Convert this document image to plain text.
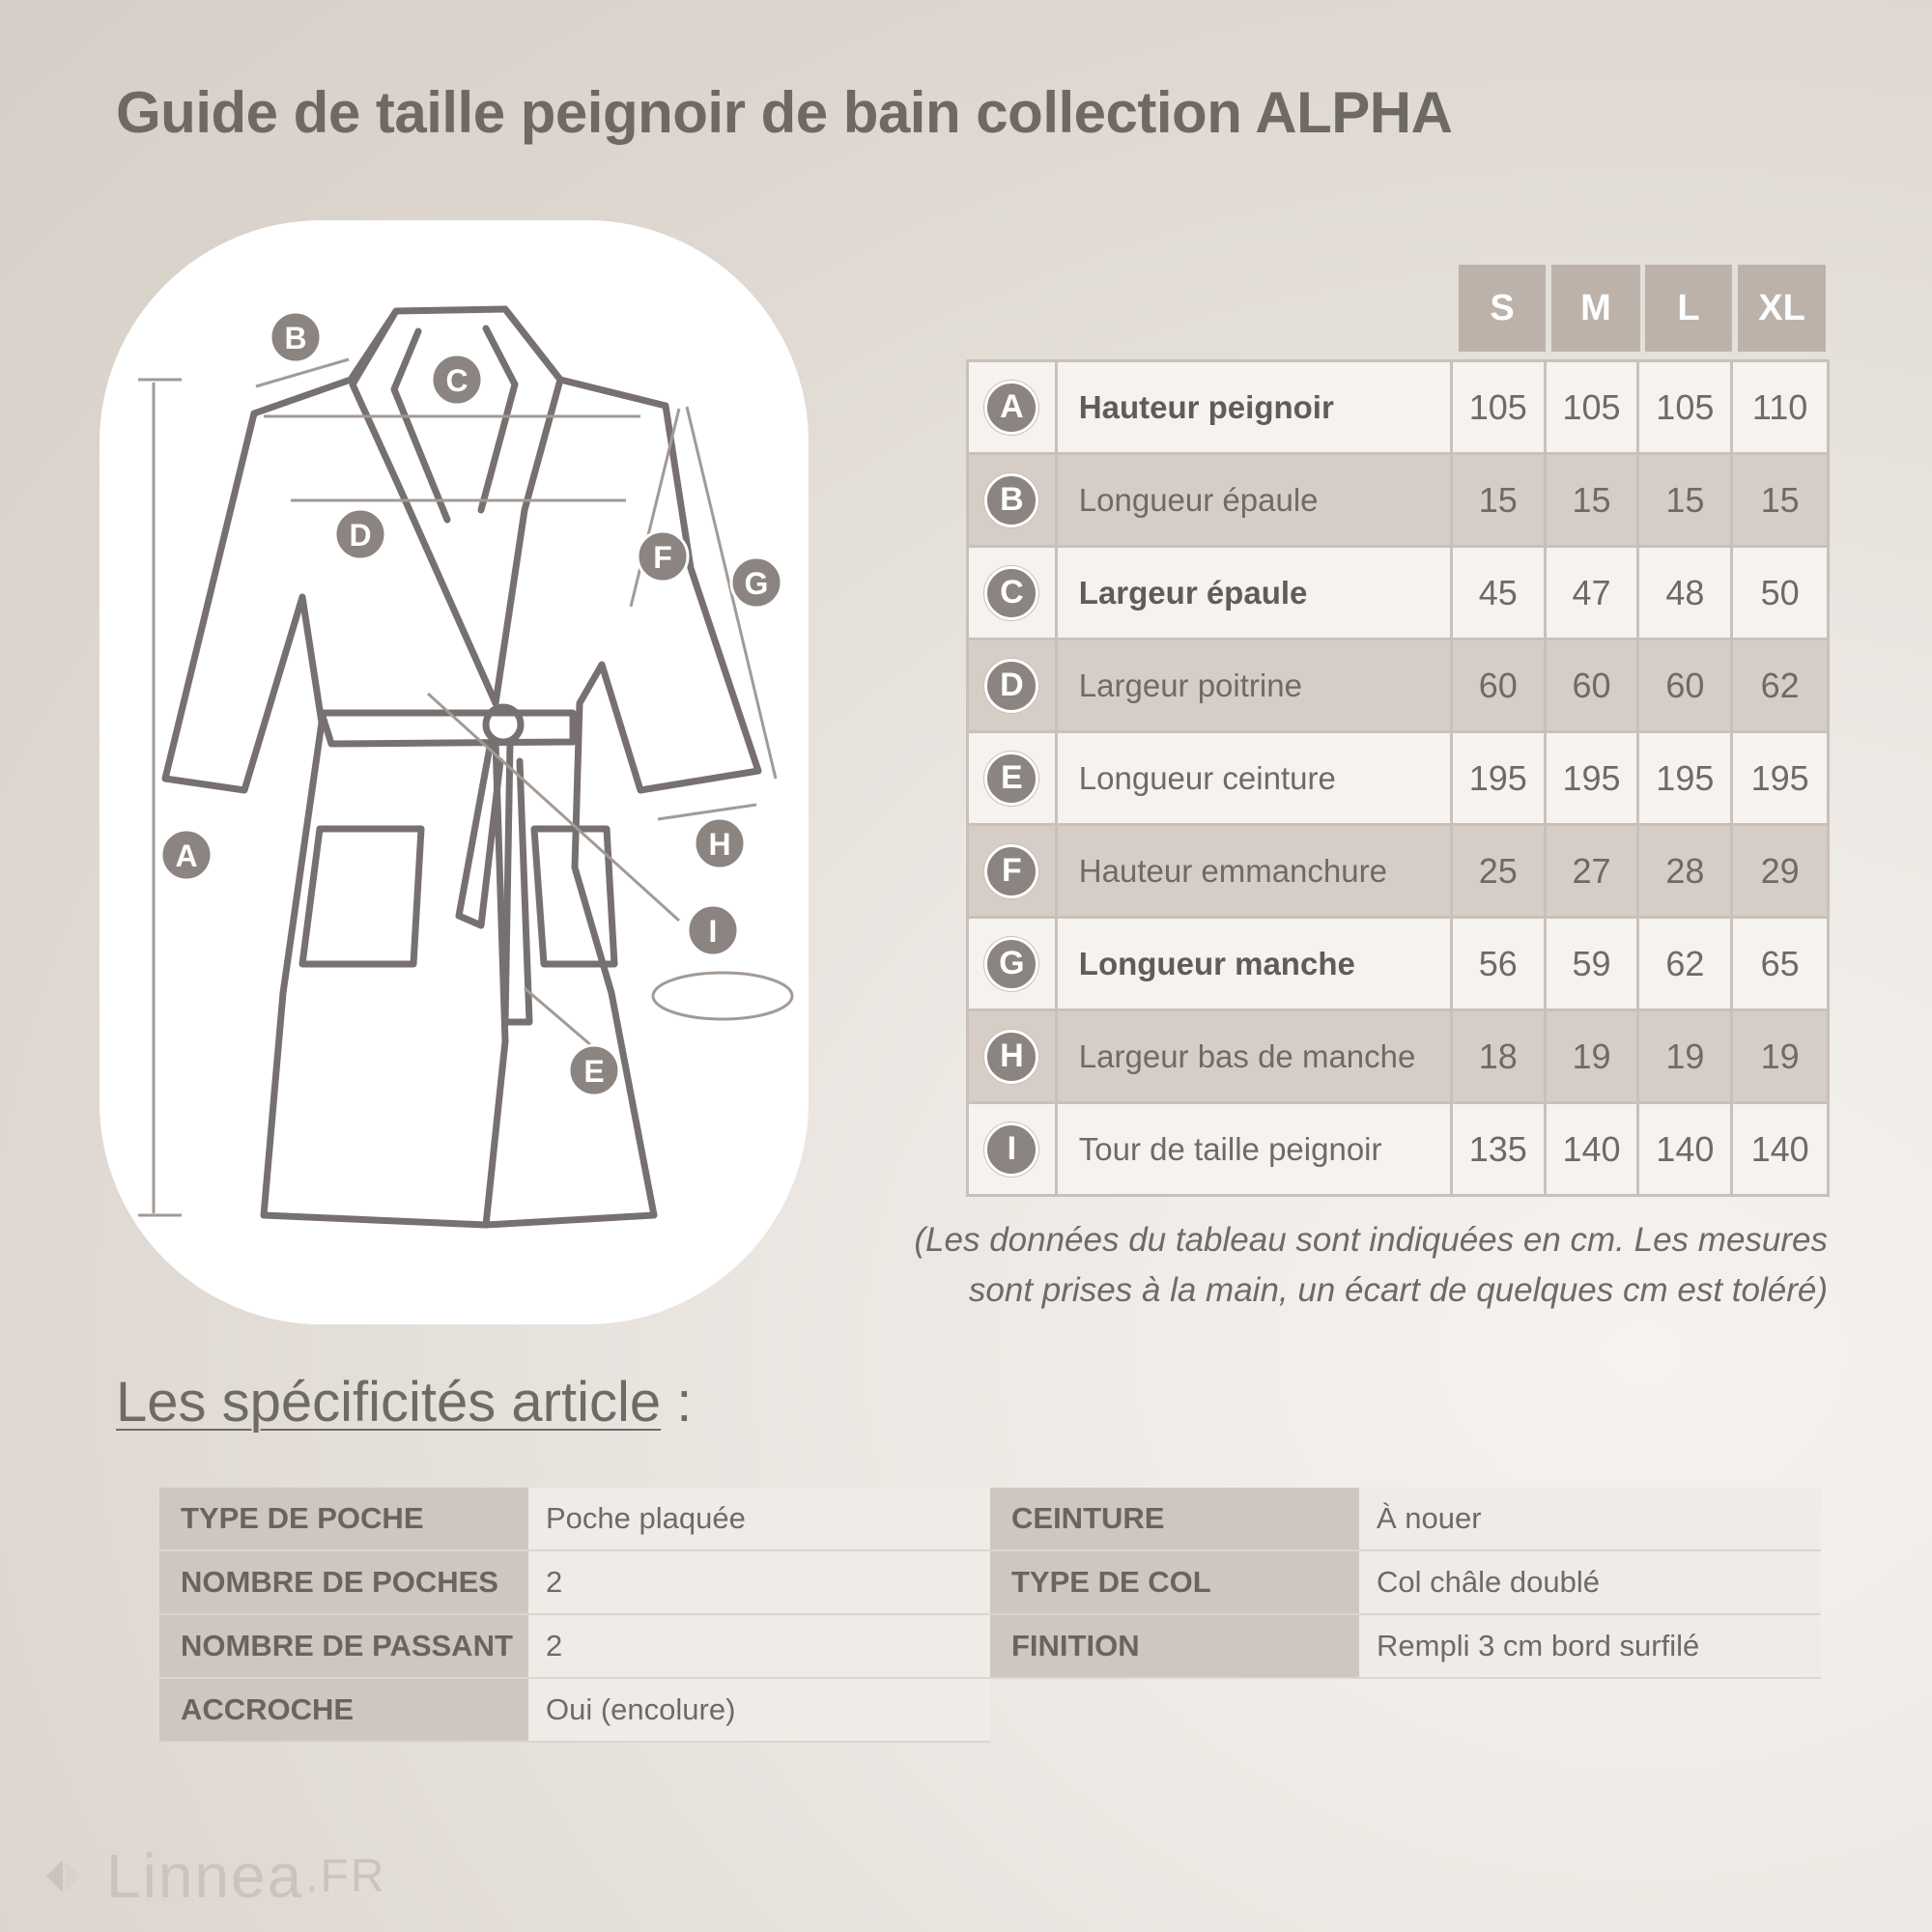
Guide de taille peignoir de bain collection ALPHA
A
B
C
D
E
F
G
H
I
S	M	L	XL
A	Hauteur peignoir	105	105	105	110
B	Longueur épaule	15	15	15	15
C	Largeur épaule	45	47	48	50
D	Largeur poitrine	60	60	60	62
E	Longueur ceinture	195	195	195	195
F	Hauteur emmanchure	25	27	28	29
G	Longueur manche	56	59	62	65
H	Largeur bas de manche	18	19	19	19
I	Tour de taille peignoir	135	140	140	140
(Les données du tableau sont indiquées en cm. Les mesures
sont prises à la main, un écart de quelques cm est toléré)
Les spécificités article :
TYPE DE POCHE	Poche plaquée
NOMBRE DE POCHES	2
NOMBRE DE PASSANT	2
ACCROCHE	Oui (encolure)
CEINTURE	À nouer
TYPE DE COL	Col châle doublé
FINITION	Rempli 3 cm bord surfilé
Linnea .FR
